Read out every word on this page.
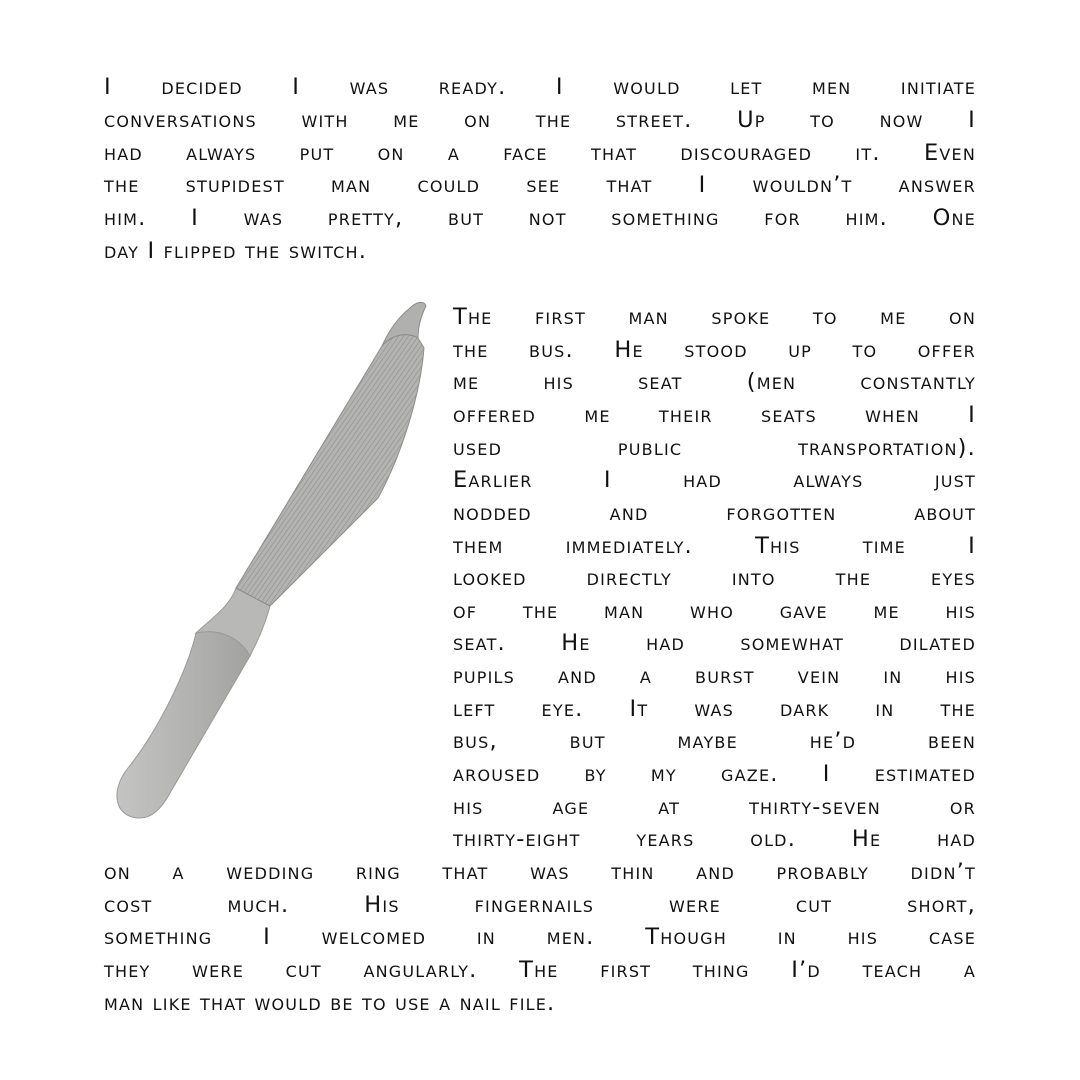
I decided I was ready. I would let men initiate
conversations with me on the street. Up to now I
had always put on a face that discouraged it. Even
the stupidest man could see that I wouldn’t answer
him. I was pretty, but not something for him. One
day I flipped the switch.
The first man spoke to me on
the bus. He stood up to offer
me his seat (men constantly
offered me their seats when I
used public transportation).
Earlier I had always just
nodded and forgotten about
them immediately. This time I
looked directly into the eyes
of the man who gave me his
seat. He had somewhat dilated
pupils and a burst vein in his
left eye. It was dark in the
bus, but maybe he’d been
aroused by my gaze. I estimated
his age at thirty-seven or
thirty-eight years old. He had
on a wedding ring that was thin and probably didn’t
cost much. His fingernails were cut short,
something I welcomed in men. Though in his case
they were cut angularly. The first thing I’d teach a
man like that would be to use a nail file.
